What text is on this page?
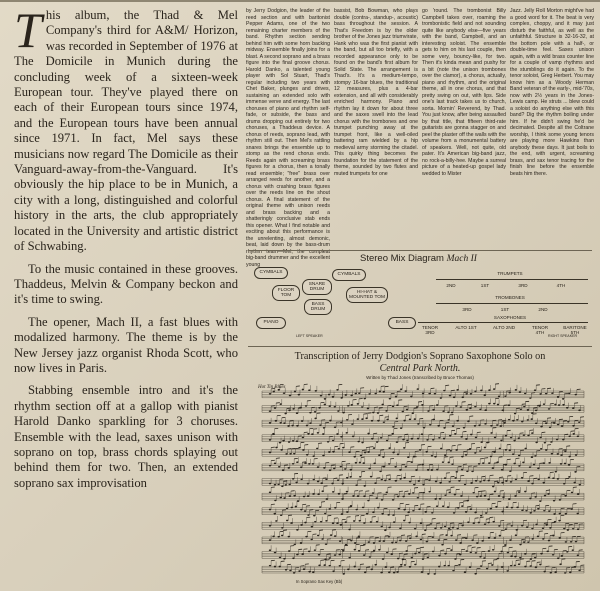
This album, the Thad & Mel Company's third for A&M/ Horizon, was recorded in September of 1976 at The Domicile in Munich during the concluding week of a sixteen-week European tour. They've played there on each of their European tours since 1974, and the European tours have been annual since 1971. In fact, Mel says these musicians now regard The Domicile as their Vanguard-away-from-the-Vanguard. It's obviously the hip place to be in Munich, a city with a long, distinguished and colorful history in the arts, the club appropriately located in the University and artistic district of Schwabing.

To the music contained in these grooves. Thaddeus, Melvin & Company beckon and it's time to swing.

The opener, Mach II, a fast blues with modalized harmony. The theme is by the New Jersey jazz organist Rhoda Scott, who now lives in Paris.

Stabbing ensemble intro and it's the rhythm section off at a gallop with pianist Harold Danko sparkling for 3 choruses. Ensemble with the lead, saxes unison with soprano on top, brass chords splaying out behind them for two. Then, an extended soprano sax improvisation

by Jerry Dodgion, the leader of the reed section and with baritonist Pepper Adams, one of the two remaining charter members of the band. Rhythm section sending behind him with some horn backing midway. Ensemble finally joins for a blast. A second soprano and a brass figure into the final groove chorus. Harold Danko, a talented young player with Sol Stuart, Thad's regular including two years with Chet Baker, plunges and drives, sustaining an extended solo with immense verve and energy. The last choruses of piano and rhythm self-fade, or subside, the bass and drums dropping out entirely for two choruses, a Thaddeus device. A chorus of reeds, soprano lead, with rhythm still out. Then Mel's rattling snares brings the ensemble up to stomp as the rend chorus ends. Reeds again with screaming brass figures for a chorus, then a tonally read ensemble; "free" brass over arranged reeds for another, and a chorus with crashing brass figures over the reeds line on the shout chorus. A final statement of the original theme with unison reeds and brass backing and a shatteringly conclusive stab ends this opener. What I find notable and exciting about this performance is the unrelenting, almost demonic, beat, laid down by the bass-drum rhythm team—Mel, the compleat big-band drummer and the excellent young
bassist, Bob Bowman, who plays double (contra-, standup-, acoustic) bass throughout the session. A That's Freedom is by the older brother of the Jones jazz triumvirate, Hank who was the first pianist with the band, but all too briefly, with a recorded appearance only to be found on the band's first album for Solid State. The arrangement is Thad's. It's a medium-tempo, stompy 16-bar blues, the traditional 12 measures, plus a 4-bar extension, and all with considerably enriched harmony. Piano and rhythm lay it down for about three and the saxes swell into the lead chorus with the trombones and one trumpet punching away at the trumpet front, like a well-oiled battering ram wielded by a hip medieval army storming the citadel. This quirky thing becomes the foundation for the statement of the theme, sounded by two flutes and muted trumpets for one
go 'round. The trombonist Billy Campbell takes over, roaming the trombonistic field and not sounding quite like anybody else—five years with the band, Campbell, and an interesting soloist. The ensemble gets to him on his last couple, then some very, bouncy-like, for two. Then it's kinda mean and pushy for a bit (note the unison trombones over the clamor), a chorus, actually, piano and rhythm, and the original theme, all in one chorus, and that pretty swing on out, with lips. Side one's last track takes us to church, sorta. Mornin' Reverend, by Thad. You just know, after being assaulted by that title, that fifteen third-rate guitarists are gonna stagger on and peel the plaster off the walls with the volume from a monumental battery of speakers. Well, not quite, old pater. It's American big-band jazz, no rock-a-billy-hee. Maybe a surreal picture of a heated-up gospel lady wedded to Mister
Jazz. Jelly Roll Morton might've had a good word for it. The beat is very complex, choppy, and it may just disturb the faithful, as well as the unfaithful. Structure is 32-16-32, at the bottom pole with a half-, or double-time feel. Saxes unison again, with a wild brass counter line for a couple of vamp rhythms and the stumblings do it again. To the tenor soloist, Greg Herbert. You may know him as a Woody Herman Band veteran of the early-, mid-'70s, now with 2½ years in the Jones-Lewis camp. He struts ... blew could a soloist do anything else with this band? Dig the rhythm boiling under him. If he didn't swing he'd be decimated. Despite all the Coltrane worship, I think some young tenors are playing more Hawkins than anybody these days. It just boils to the end, with urgent, screaming brass, and sax tenor tracing for the finish line before the ensemble beats him there.
Stereo Mix Diagram Mach II
CYMBALS
FLOOR TOM
SNARE DRUM
BASS DRUM
CYMBALS
HI-HAT & MOUNTED TOM
PIANO	BASS
TRUMPETS
2ND	1ST	3RD	4TH
TROMBONES
3RD	1ST	2ND
SAXOPHONES
TENOR 3RD
ALTO 1ST	ALTO 2ND	TENOR 4TH
BARITONE 5TH
LEFT SPEAKER	RIGHT SPEAKER
Transcription of Jerry Dodgion's Soprano Saxophone Solo on
Central Park North.
Written by Thad Jones (transcribed by Bruce Thomas)
Hot Tin Blues
In Soprano Sax Key (Bb)
